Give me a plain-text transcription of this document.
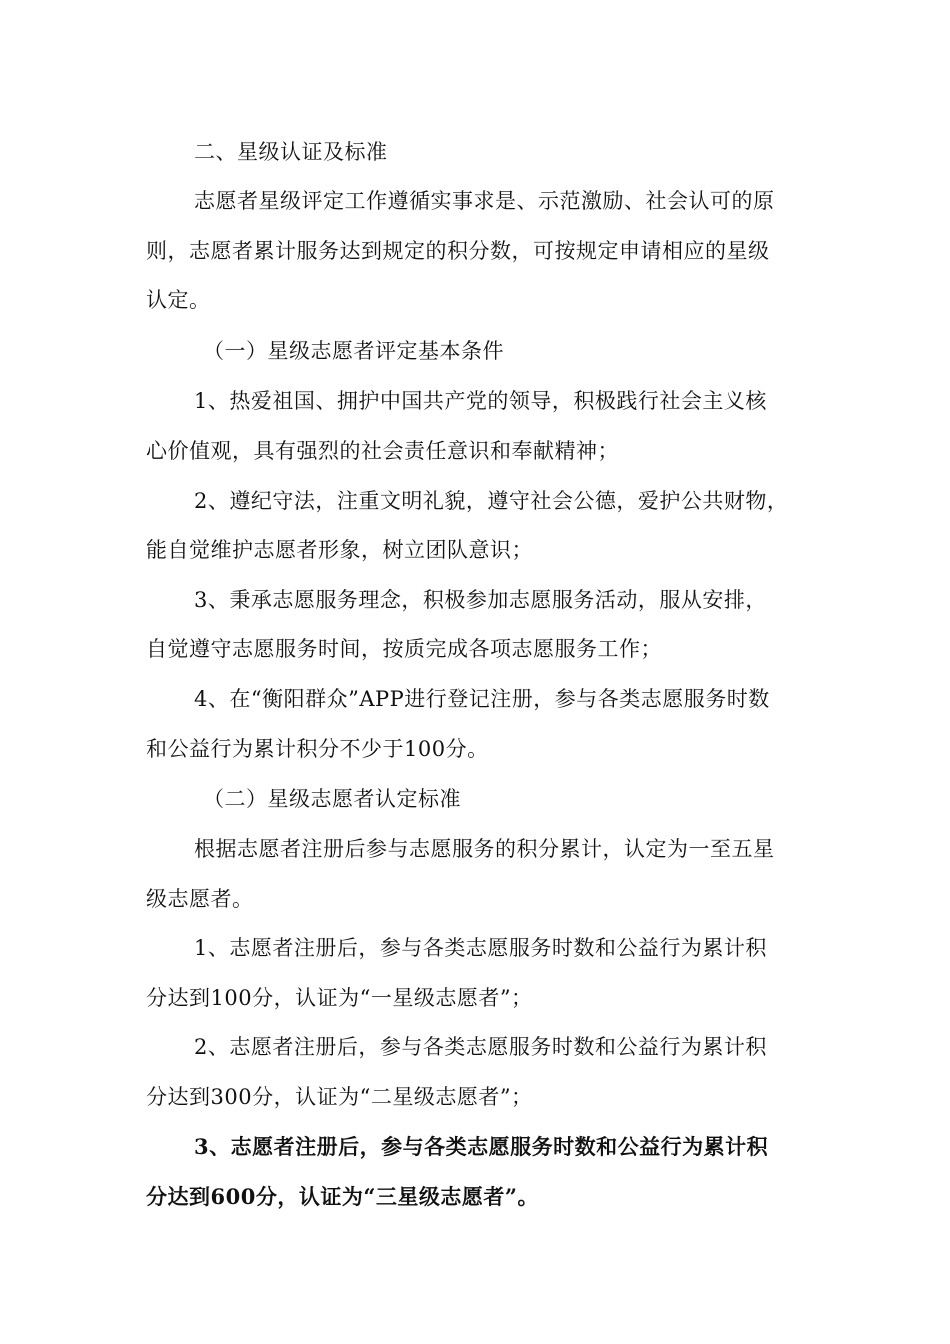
二、星级认证及标准
志愿者星级评定工作遵循实事求是、示范激励、社会认可的原
则，志愿者累计服务达到规定的积分数，可按规定申请相应的星级
认定。
（一）星级志愿者评定基本条件
1、热爱祖国、拥护中国共产党的领导，积极践行社会主义核
心价值观，具有强烈的社会责任意识和奉献精神；
2、遵纪守法，注重文明礼貌，遵守社会公德，爱护公共财物，
能自觉维护志愿者形象，树立团队意识；
3、秉承志愿服务理念，积极参加志愿服务活动，服从安排，
自觉遵守志愿服务时间，按质完成各项志愿服务工作；
4、在“衡阳群众”APP进行登记注册，参与各类志愿服务时数
和公益行为累计积分不少于100分。
（二）星级志愿者认定标准
根据志愿者注册后参与志愿服务的积分累计，认定为一至五星
级志愿者。
1、志愿者注册后，参与各类志愿服务时数和公益行为累计积
分达到100分，认证为“一星级志愿者”；
2、志愿者注册后，参与各类志愿服务时数和公益行为累计积
分达到300分，认证为“二星级志愿者”；
3、志愿者注册后，参与各类志愿服务时数和公益行为累计积
分达到600分，认证为“三星级志愿者”。
